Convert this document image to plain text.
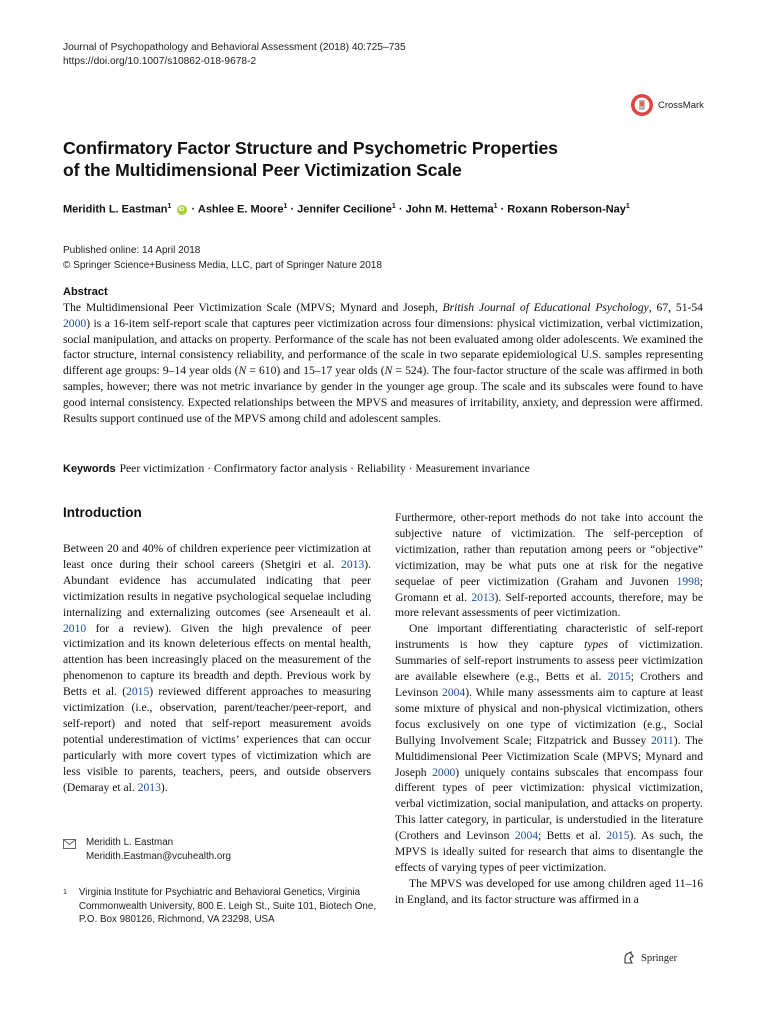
Journal of Psychopathology and Behavioral Assessment (2018) 40:725–735
https://doi.org/10.1007/s10862-018-9678-2
CrossMark
Confirmatory Factor Structure and Psychometric Properties
of the Multidimensional Peer Victimization Scale
Meridith L. Eastman$^1$ iD · Ashlee E. Moore$^1$ · Jennifer Cecilione$^1$ · John M. Hettema$^1$ · Roxann Roberson-Nay$^1$
Published online: 14 April 2018
© Springer Science+Business Media, LLC, part of Springer Nature 2018
Abstract
The Multidimensional Peer Victimization Scale (MPVS; Mynard and Joseph, British Journal of Educational Psychology, 67, 51-54 2000) is a 16-item self-report scale that captures peer victimization across four dimensions: physical victimization, verbal victimization, social manipulation, and attacks on property. Performance of the scale has not been evaluated among older adolescents. We examined the factor structure, internal consistency reliability, and performance of the scale in two separate epidemiological U.S. samples representing different age groups: 9–14 year olds (N = 610) and 15–17 year olds (N = 524). The four-factor structure of the scale was affirmed in both samples, however; there was not metric invariance by gender in the younger age group. The scale and its subscales were found to have good internal consistency. Expected relationships between the MPVS and measures of irritability, anxiety, and depression were affirmed. Results support continued use of the MPVS among child and adolescent samples.
Keywords Peer victimization · Confirmatory factor analysis · Reliability · Measurement invariance
Introduction

Between 20 and 40% of children experience peer victimization at least once during their school careers (Shetgiri et al. 2013). Abundant evidence has accumulated indicating that peer victimization results in negative psychological sequelae including internalizing and externalizing outcomes (see Arseneault et al. 2010 for a review). Given the high prevalence of peer victimization and its known deleterious effects on mental health, attention has been increasingly placed on the measurement of the phenomenon to capture its breadth and depth. Previous work by Betts et al. (2015) reviewed different approaches to measuring victimization (i.e., observation, parent/teacher/peer-report, and self-report) and noted that self-report measurement avoids potential underestimation of victims’ experiences that can occur particularly with more covert types of victimization which are less visible to parents, teachers, peers, and outside observers (Demaray et al. 2013).

Furthermore, other-report methods do not take into account the subjective nature of victimization. The self-perception of victimization, rather than reputation among peers or “objective” victimization, may be what puts one at risk for the negative sequelae of peer victimization (Graham and Juvonen 1998; Gromann et al. 2013). Self-reported accounts, therefore, may be more relevant assessments of peer victimization.

One important differentiating characteristic of self-report instruments is how they capture types of victimization. Summaries of self-report instruments to assess peer victimization are available elsewhere (e.g., Betts et al. 2015; Crothers and Levinson 2004). While many assessments aim to capture at least some mixture of physical and non-physical victimization, others focus exclusively on one type of victimization (e.g., Social Bullying Involvement Scale; Fitzpatrick and Bussey 2011). The Multidimensional Peer Victimization Scale (MPVS; Mynard and Joseph 2000) uniquely contains subscales that encompass four different types of peer victimization: physical victimization, verbal victimization, social manipulation, and attacks on property. This latter category, in particular, is understudied in the literature (Crothers and Levinson 2004; Betts et al. 2015). As such, the MPVS is ideally suited for research that aims to disentangle the effects of varying types of peer victimization.

The MPVS was developed for use among children aged 11–16 in England, and its factor structure was affirmed in a

Meridith L. Eastman
Meridith.Eastman@vcuhealth.org
1 Virginia Institute for Psychiatric and Behavioral Genetics, Virginia Commonwealth University, 800 E. Leigh St., Suite 101, Biotech One, P.O. Box 980126, Richmond, VA 23298, USA
Springer
